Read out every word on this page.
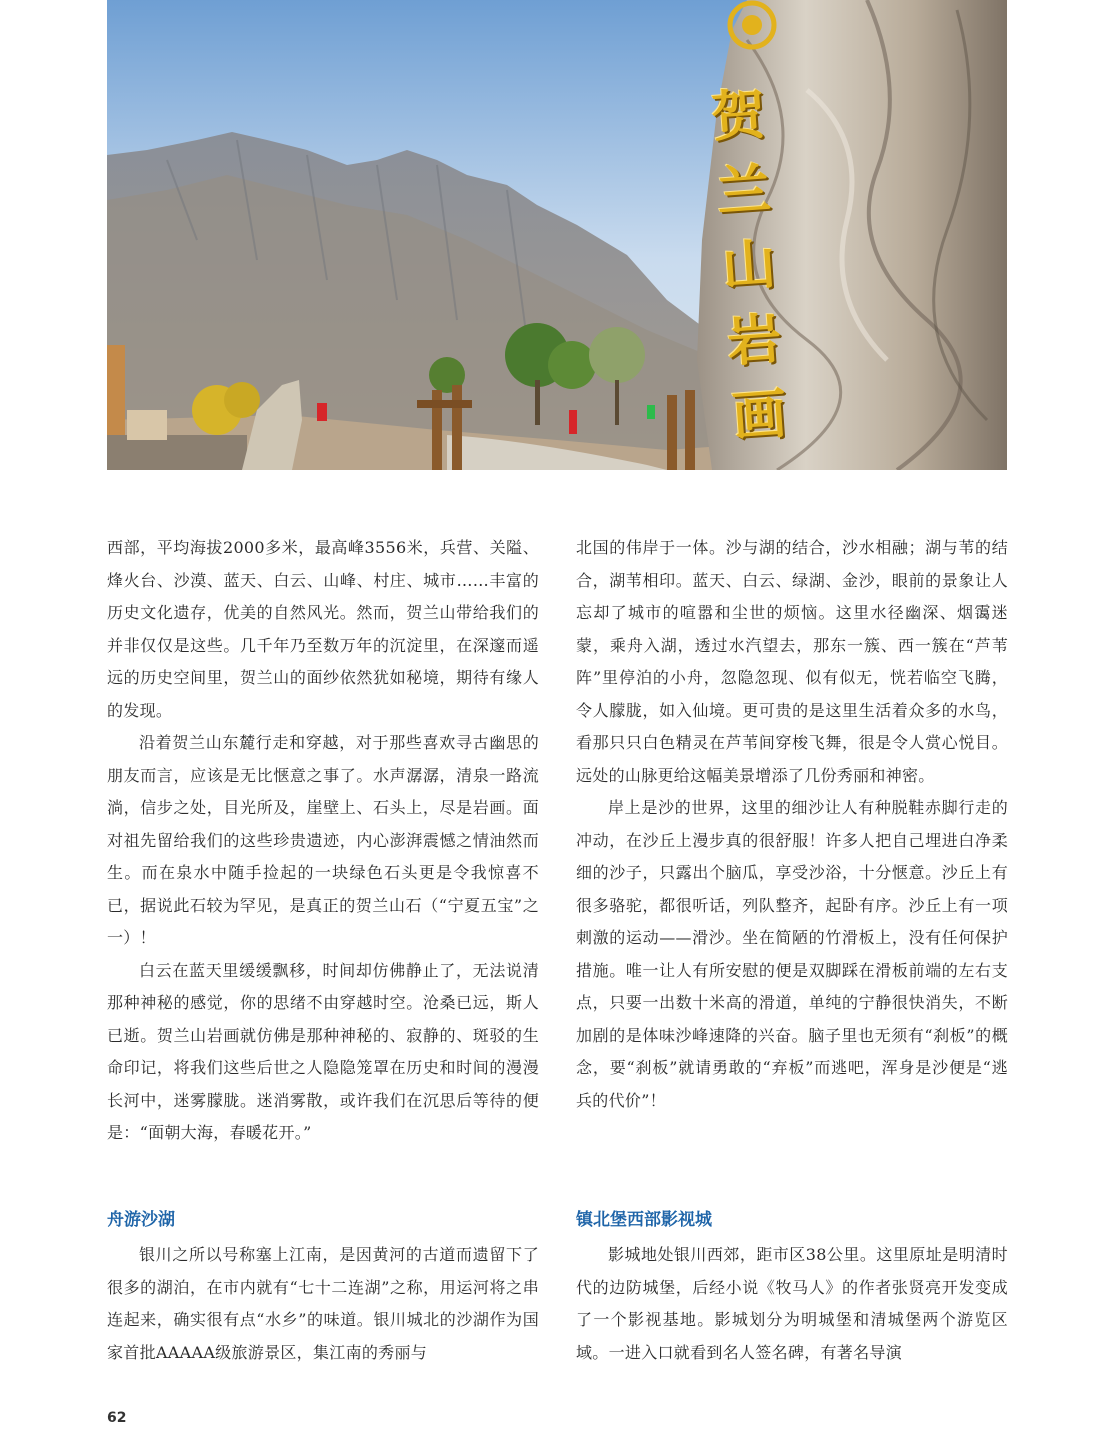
贺兰山岩画

西部，平均海拔2000多米，最高峰3556米，兵营、关隘、烽火台、沙漠、蓝天、白云、山峰、村庄、城市……丰富的历史文化遗存，优美的自然风光。然而，贺兰山带给我们的并非仅仅是这些。几千年乃至数万年的沉淀里，在深邃而遥远的历史空间里，贺兰山的面纱依然犹如秘境，期待有缘人的发现。

沿着贺兰山东麓行走和穿越，对于那些喜欢寻古幽思的朋友而言，应该是无比惬意之事了。水声潺潺，清泉一路流淌，信步之处，目光所及，崖壁上、石头上，尽是岩画。面对祖先留给我们的这些珍贵遗迹，内心澎湃震憾之情油然而生。而在泉水中随手捡起的一块绿色石头更是令我惊喜不已，据说此石较为罕见，是真正的贺兰山石（“宁夏五宝”之一）！

白云在蓝天里缓缓飘移，时间却仿佛静止了，无法说清那种神秘的感觉，你的思绪不由穿越时空。沧桑已远，斯人已逝。贺兰山岩画就仿佛是那种神秘的、寂静的、斑驳的生命印记，将我们这些后世之人隐隐笼罩在历史和时间的漫漫长河中，迷雾朦胧。迷消雾散，或许我们在沉思后等待的便是：“面朝大海，春暖花开。”

北国的伟岸于一体。沙与湖的结合，沙水相融；湖与苇的结合，湖苇相印。蓝天、白云、绿湖、金沙，眼前的景象让人忘却了城市的喧嚣和尘世的烦恼。这里水径幽深、烟霭迷蒙，乘舟入湖，透过水汽望去，那东一簇、西一簇在“芦苇阵”里停泊的小舟，忽隐忽现、似有似无，恍若临空飞腾，令人朦胧，如入仙境。更可贵的是这里生活着众多的水鸟，看那只只白色精灵在芦苇间穿梭飞舞，很是令人赏心悦目。远处的山脉更给这幅美景增添了几份秀丽和神密。

岸上是沙的世界，这里的细沙让人有种脱鞋赤脚行走的冲动，在沙丘上漫步真的很舒服！许多人把自己埋进白净柔细的沙子，只露出个脑瓜，享受沙浴，十分惬意。沙丘上有很多骆驼，都很听话，列队整齐，起卧有序。沙丘上有一项刺激的运动——滑沙。坐在简陋的竹滑板上，没有任何保护措施。唯一让人有所安慰的便是双脚踩在滑板前端的左右支点，只要一出数十米高的滑道，单纯的宁静很快消失，不断加剧的是体味沙峰速降的兴奋。脑子里也无须有“刹板”的概念，要“刹板”就请勇敢的“弃板”而逃吧，浑身是沙便是“逃兵的代价”！

舟游沙湖

银川之所以号称塞上江南，是因黄河的古道而遗留下了很多的湖泊，在市内就有“七十二连湖”之称，用运河将之串连起来，确实很有点“水乡”的味道。银川城北的沙湖作为国家首批AAAAA级旅游景区，集江南的秀丽与

镇北堡西部影视城

影城地处银川西郊，距市区38公里。这里原址是明清时代的边防城堡，后经小说《牧马人》的作者张贤亮开发变成了一个影视基地。影城划分为明城堡和清城堡两个游览区域。一进入口就看到名人签名碑，有著名导演

62
